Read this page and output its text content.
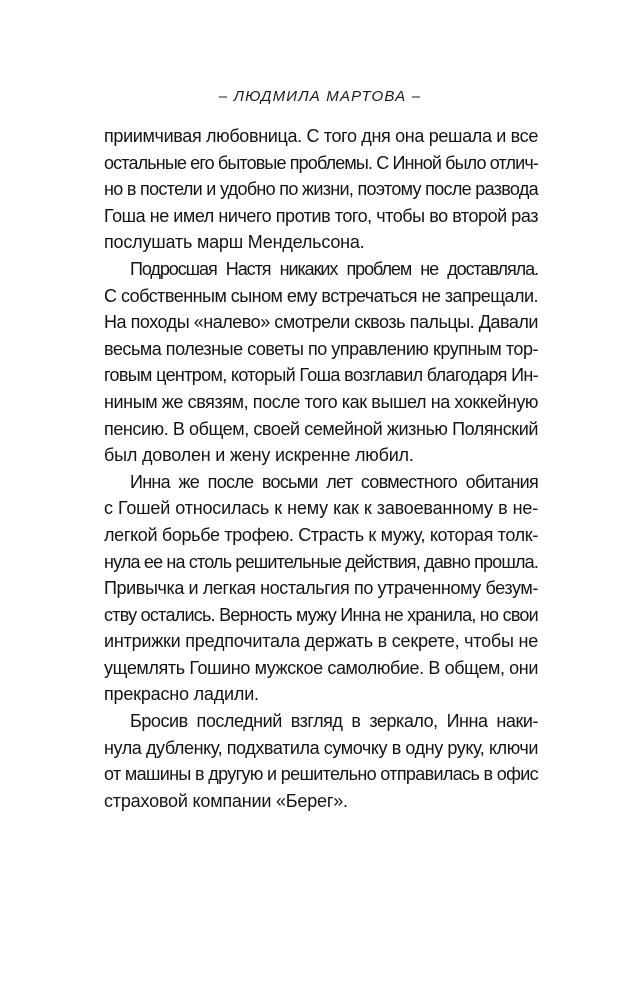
– ЛЮДМИЛА МАРТОВА –

приимчивая любовница. С того дня она решала и все
остальные его бытовые проблемы. С Инной было отлич-
но в постели и удобно по жизни, поэтому после развода
Гоша не имел ничего против того, чтобы во второй раз

послушать марш Мендельсона.

Подросшая Настя никаких проблем не доставляла.

С собственным сыном ему встречаться не запрещали.
На походы «налево» смотрели сквозь пальцы. Давали
весьма полезные советы по управлению крупным тор-
говым центром, который Гоша возглавил благодаря Ин-
ниным же связям, после того как вышел на хоккейную
пенсию. В общем, своей семейной жизнью Полянский

был доволен и жену искренне любил.

Инна же после восьми лет совместного обитания

с Гошей относилась к нему как к завоеванному в не-
легкой борьбе трофею. Страсть к мужу, которая толк-
нула ее на столь решительные действия, давно прошла.
Привычка и легкая ностальгия по утраченному безум-
ству остались. Верность мужу Инна не хранила, но свои
интрижки предпочитала держать в секрете, чтобы не
ущемлять Гошино мужское самолюбие. В общем, они

прекрасно ладили.

Бросив последний взгляд в зеркало, Инна наки-

нула дубленку, подхватила сумочку в одну руку, ключи
от машины в другую и решительно отправилась в офис

страховой компании «Берег».
